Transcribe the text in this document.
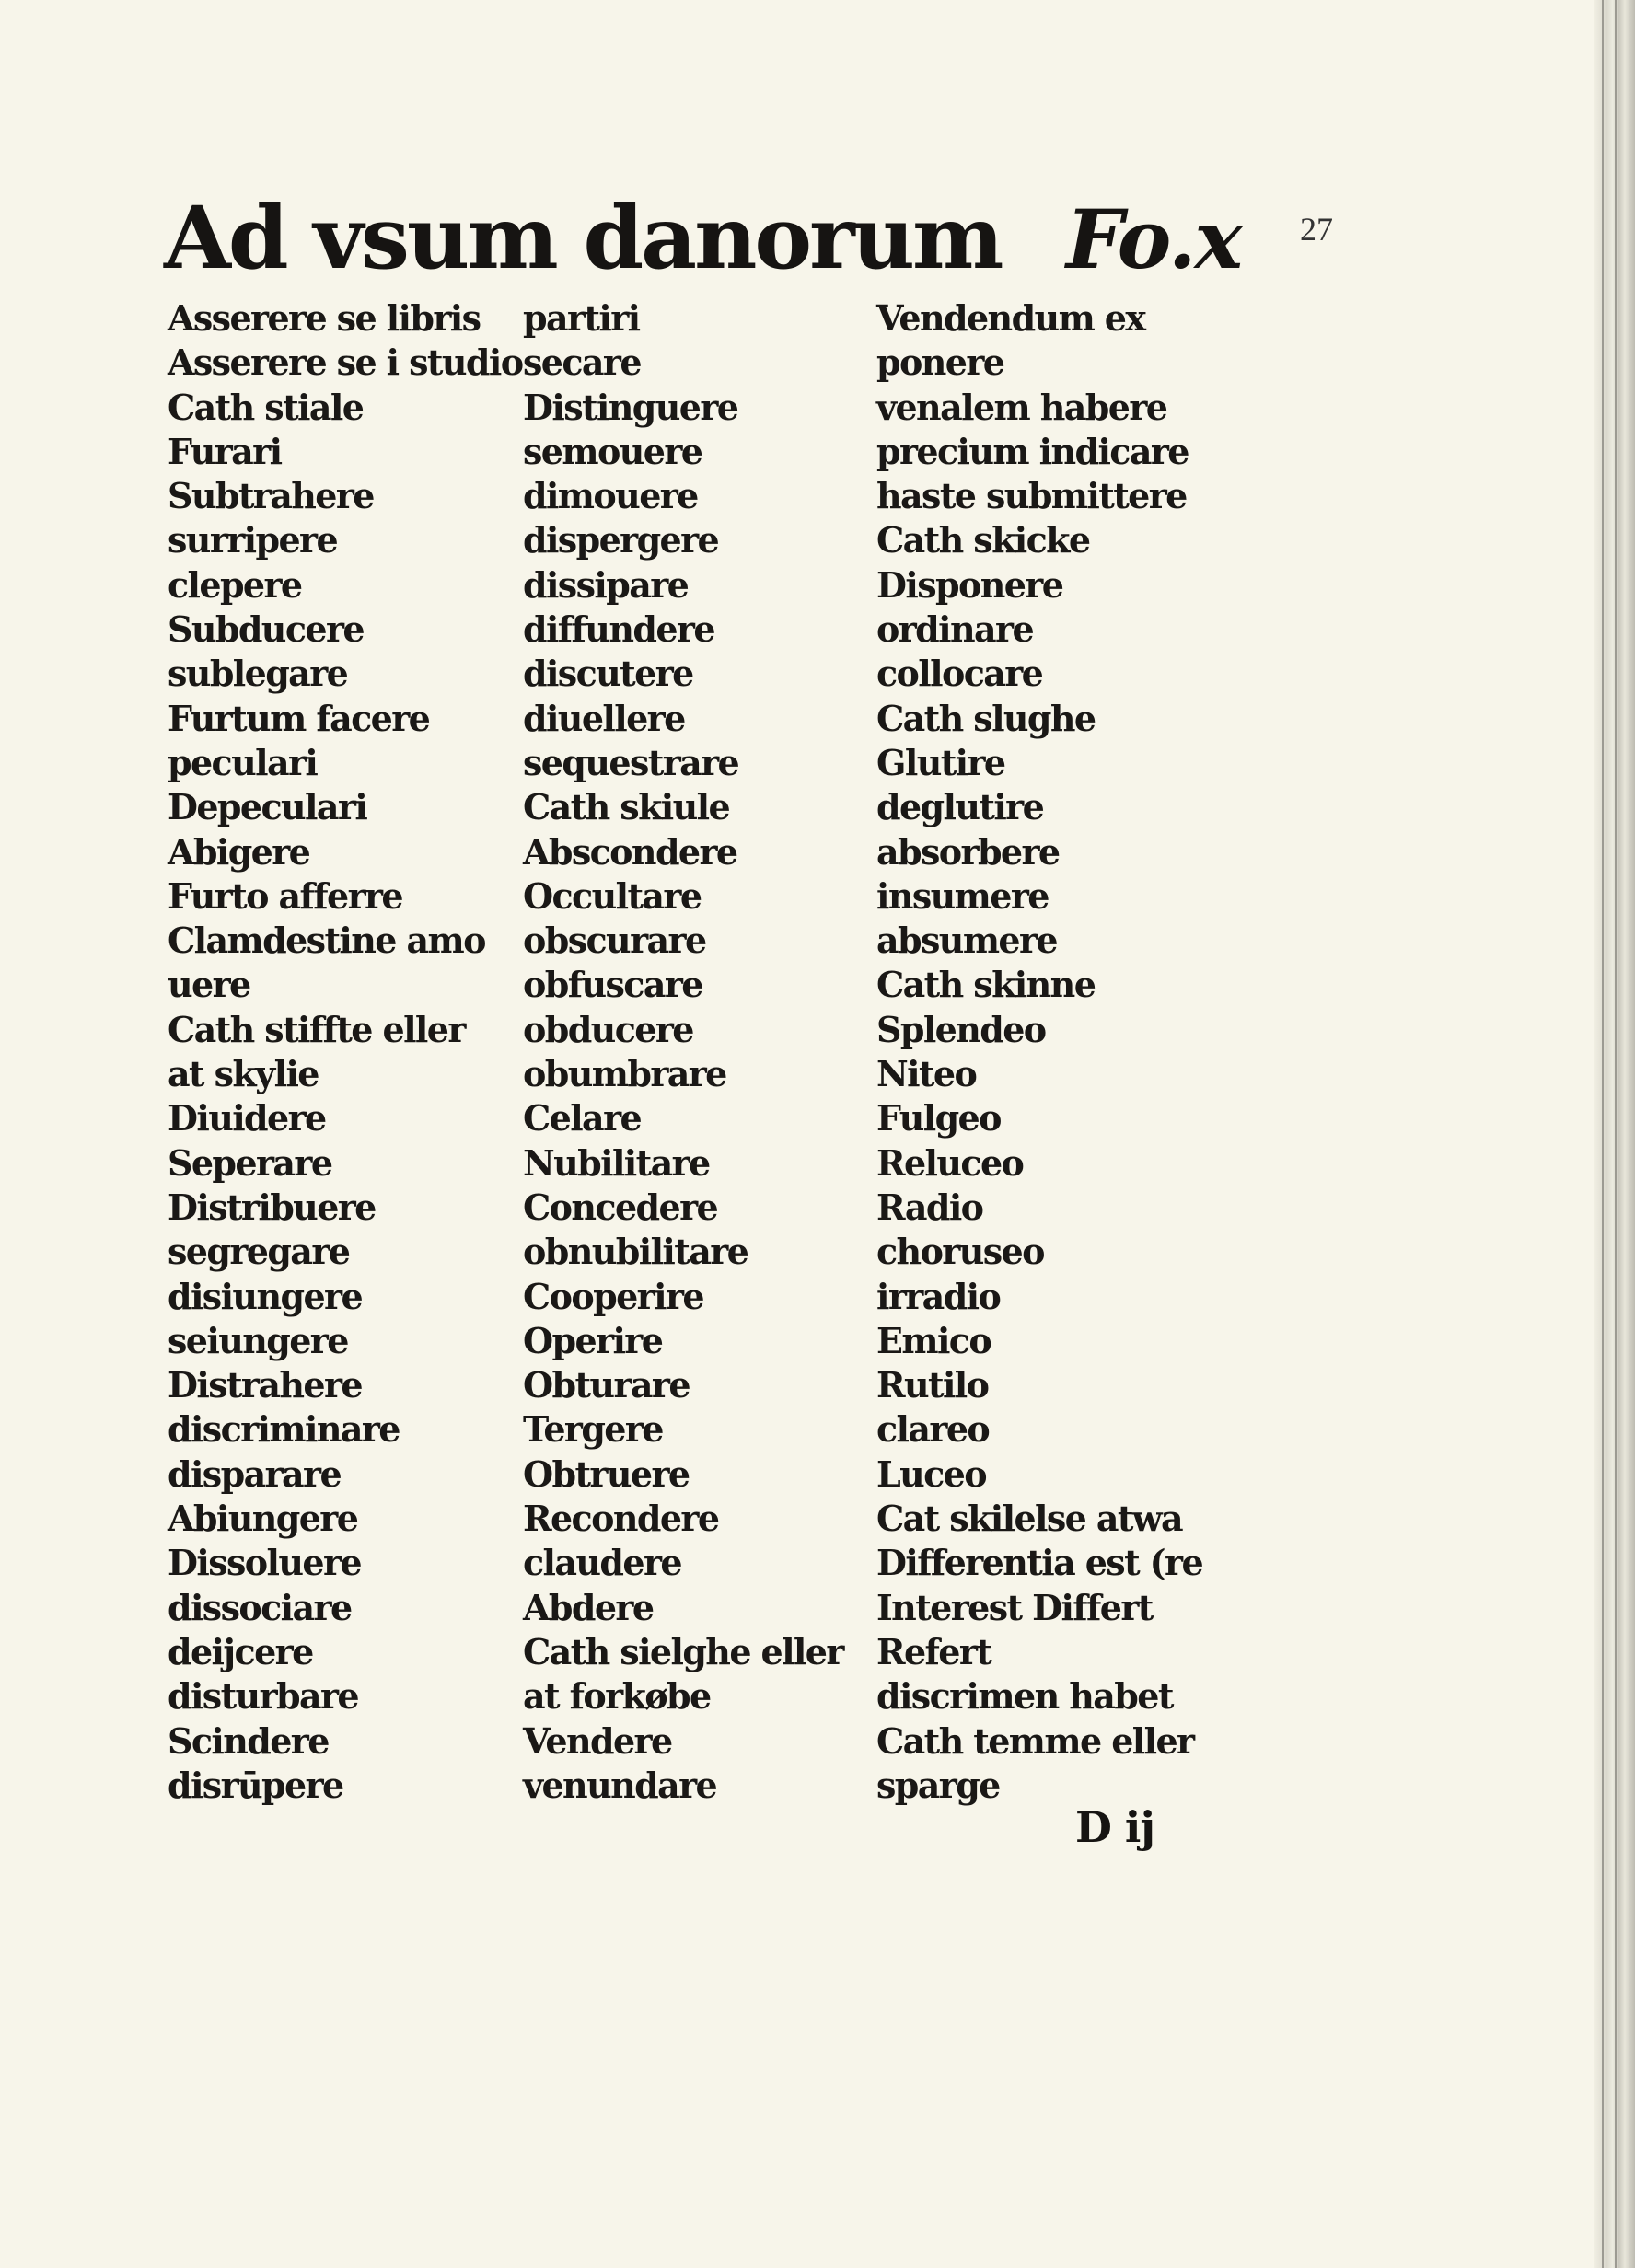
27
Ad vsum danorum Fo.x
Asserere se libris
Asserere se i studio
Cath stiale
Furari
Subtrahere
surripere
clepere
Subducere
sublegare
Furtum facere
peculari
Depeculari
Abigere
Furto afferre
Clamdestine amo
uere
Cath stiffte eller
at skylie
Diuidere
Seperare
Distribuere
segregare
disiungere
seiungere
Distrahere
discriminare
disparare
Abiungere
Dissoluere
dissociare
deijcere
disturbare
Scindere
disrūpere
partiri
secare
Distinguere
semouere
dimouere
dispergere
dissipare
diffundere
discutere
diuellere
sequestrare
Cath skiule
Abscondere
Occultare
obscurare
obfuscare
obducere
obumbrare
Celare
Nubilitare
Concedere
obnubilitare
Cooperire
Operire
Obturare
Tergere
Obtruere
Recondere
claudere
Abdere
Cath sielghe eller
at forkøbe
Vendere
venundare
Vendendum ex
ponere
venalem habere
precium indicare
haste submittere
Cath skicke
Disponere
ordinare
collocare
Cath slughe
Glutire
deglutire
absorbere
insumere
absumere
Cath skinne
Splendeo
Niteo
Fulgeo
Reluceo
Radio
choruseo
irradio
Emico
Rutilo
clareo
Luceo
Cat skilelse atwa
Differentia est (re
Interest Differt
Refert
discrimen habet
Cath temme eller
sparge
D ij
